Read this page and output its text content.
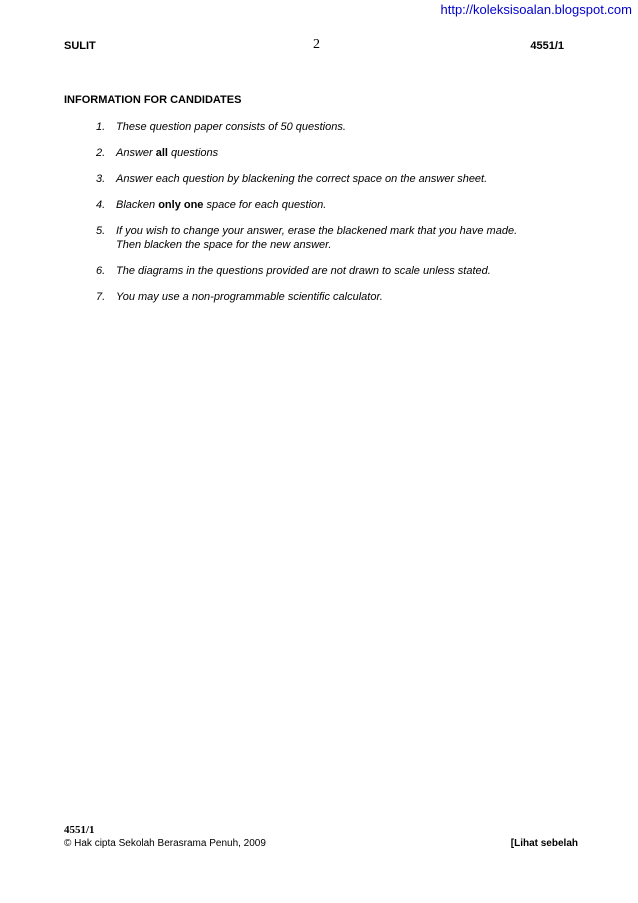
http://koleksisoalan.blogspot.com
SULIT	2	4551/1
INFORMATION FOR CANDIDATES
1. These question paper consists of 50 questions.
2. Answer all questions
3. Answer each question by blackening the correct space on the answer sheet.
4. Blacken only one space for each question.
5. If you wish to change your answer, erase the blackened mark that you have made.
Then blacken the space for the new answer.
6. The diagrams in the questions provided are not drawn to scale unless stated.
7. You may use a non-programmable scientific calculator.
4551/1
© Hak cipta Sekolah Berasrama Penuh, 2009	[Lihat sebelah
